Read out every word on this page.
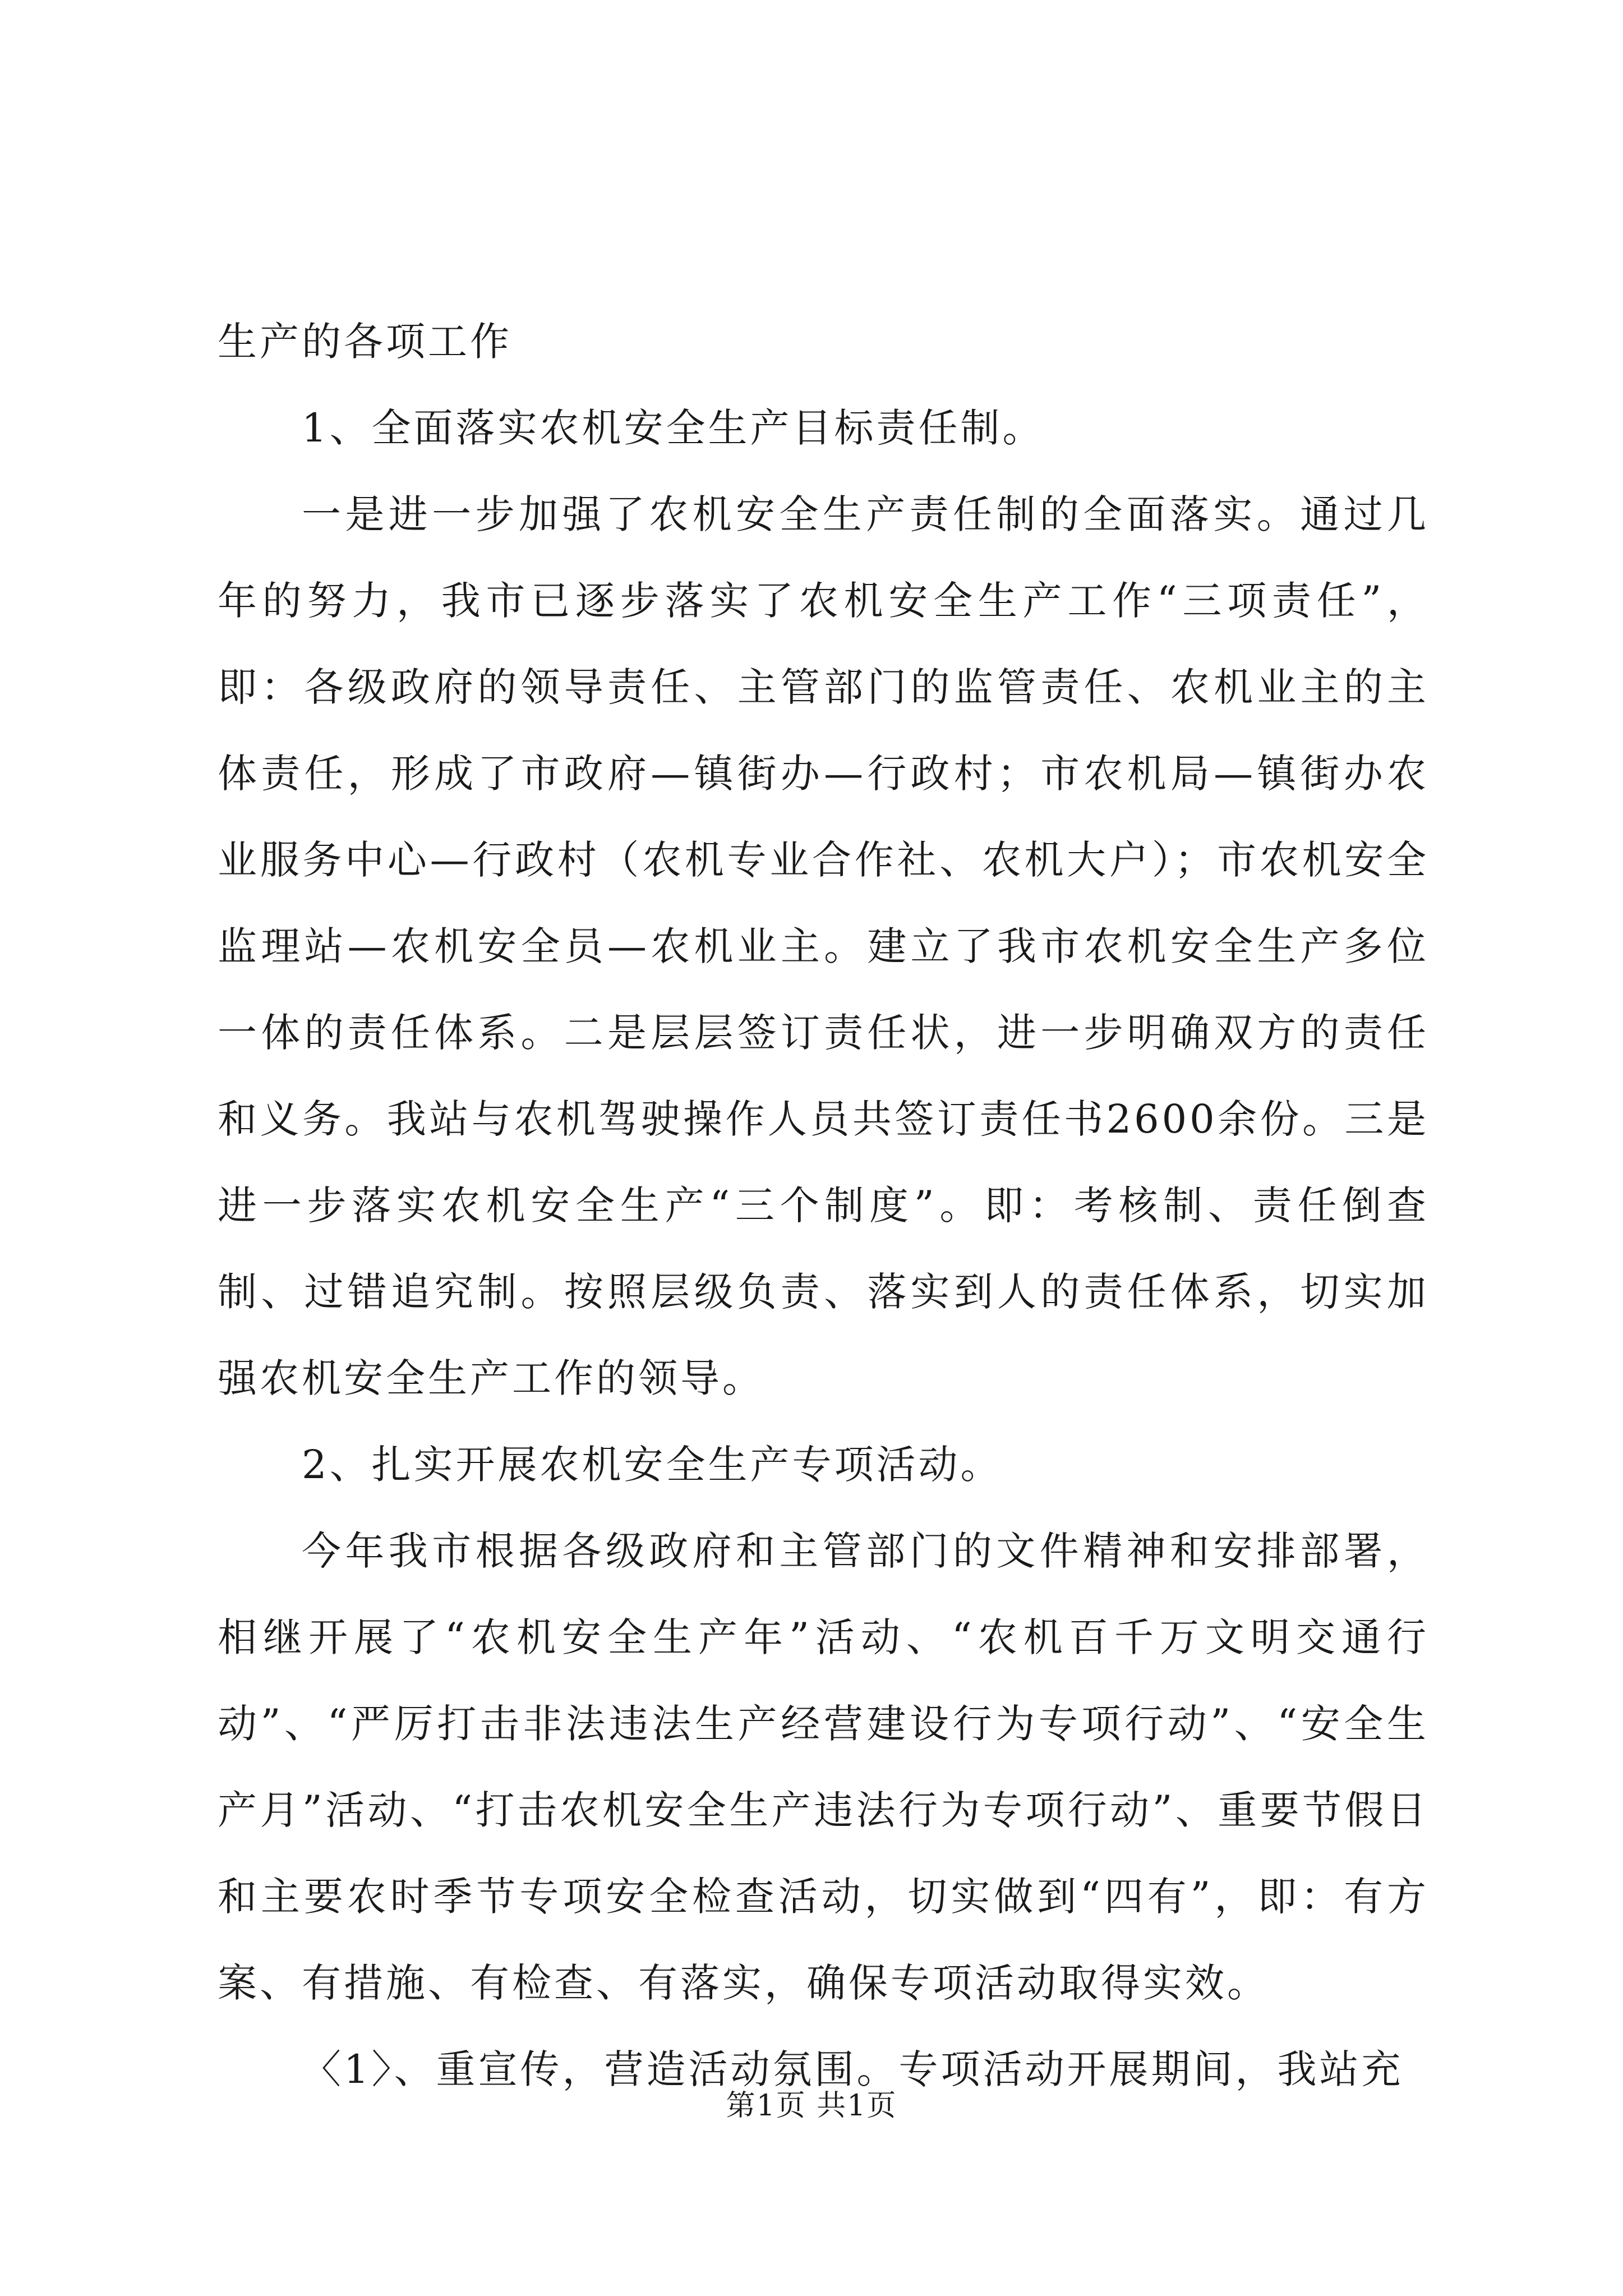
生产的各项工作

1、全面落实农机安全生产目标责任制。

一是进一步加强了农机安全生产责任制的全面落实。通过几年的努力，我市已逐步落实了农机安全生产工作“三项责任”，即：各级政府的领导责任、主管部门的监管责任、农机业主的主体责任，形成了市政府—镇街办—行政村；市农机局—镇街办农业服务中心—行政村（农机专业合作社、农机大户）；市农机安全监理站—农机安全员—农机业主。建立了我市农机安全生产多位一体的责任体系。二是层层签订责任状，进一步明确双方的责任和义务。我站与农机驾驶操作人员共签订责任书2600余份。三是进一步落实农机安全生产“三个制度”。即：考核制、责任倒查制、过错追究制。按照层级负责、落实到人的责任体系，切实加强农机安全生产工作的领导。

2、扎实开展农机安全生产专项活动。

今年我市根据各级政府和主管部门的文件精神和安排部署，相继开展了“农机安全生产年”活动、“农机百千万文明交通行动”、“严厉打击非法违法生产经营建设行为专项行动”、“安全生产月”活动、“打击农机安全生产违法行为专项行动”、重要节假日和主要农时季节专项安全检查活动，切实做到“四有”，即：有方案、有措施、有检查、有落实，确保专项活动取得实效。

〈1〉、重宣传，营造活动氛围。专项活动开展期间，我站充

第1页 共1页
